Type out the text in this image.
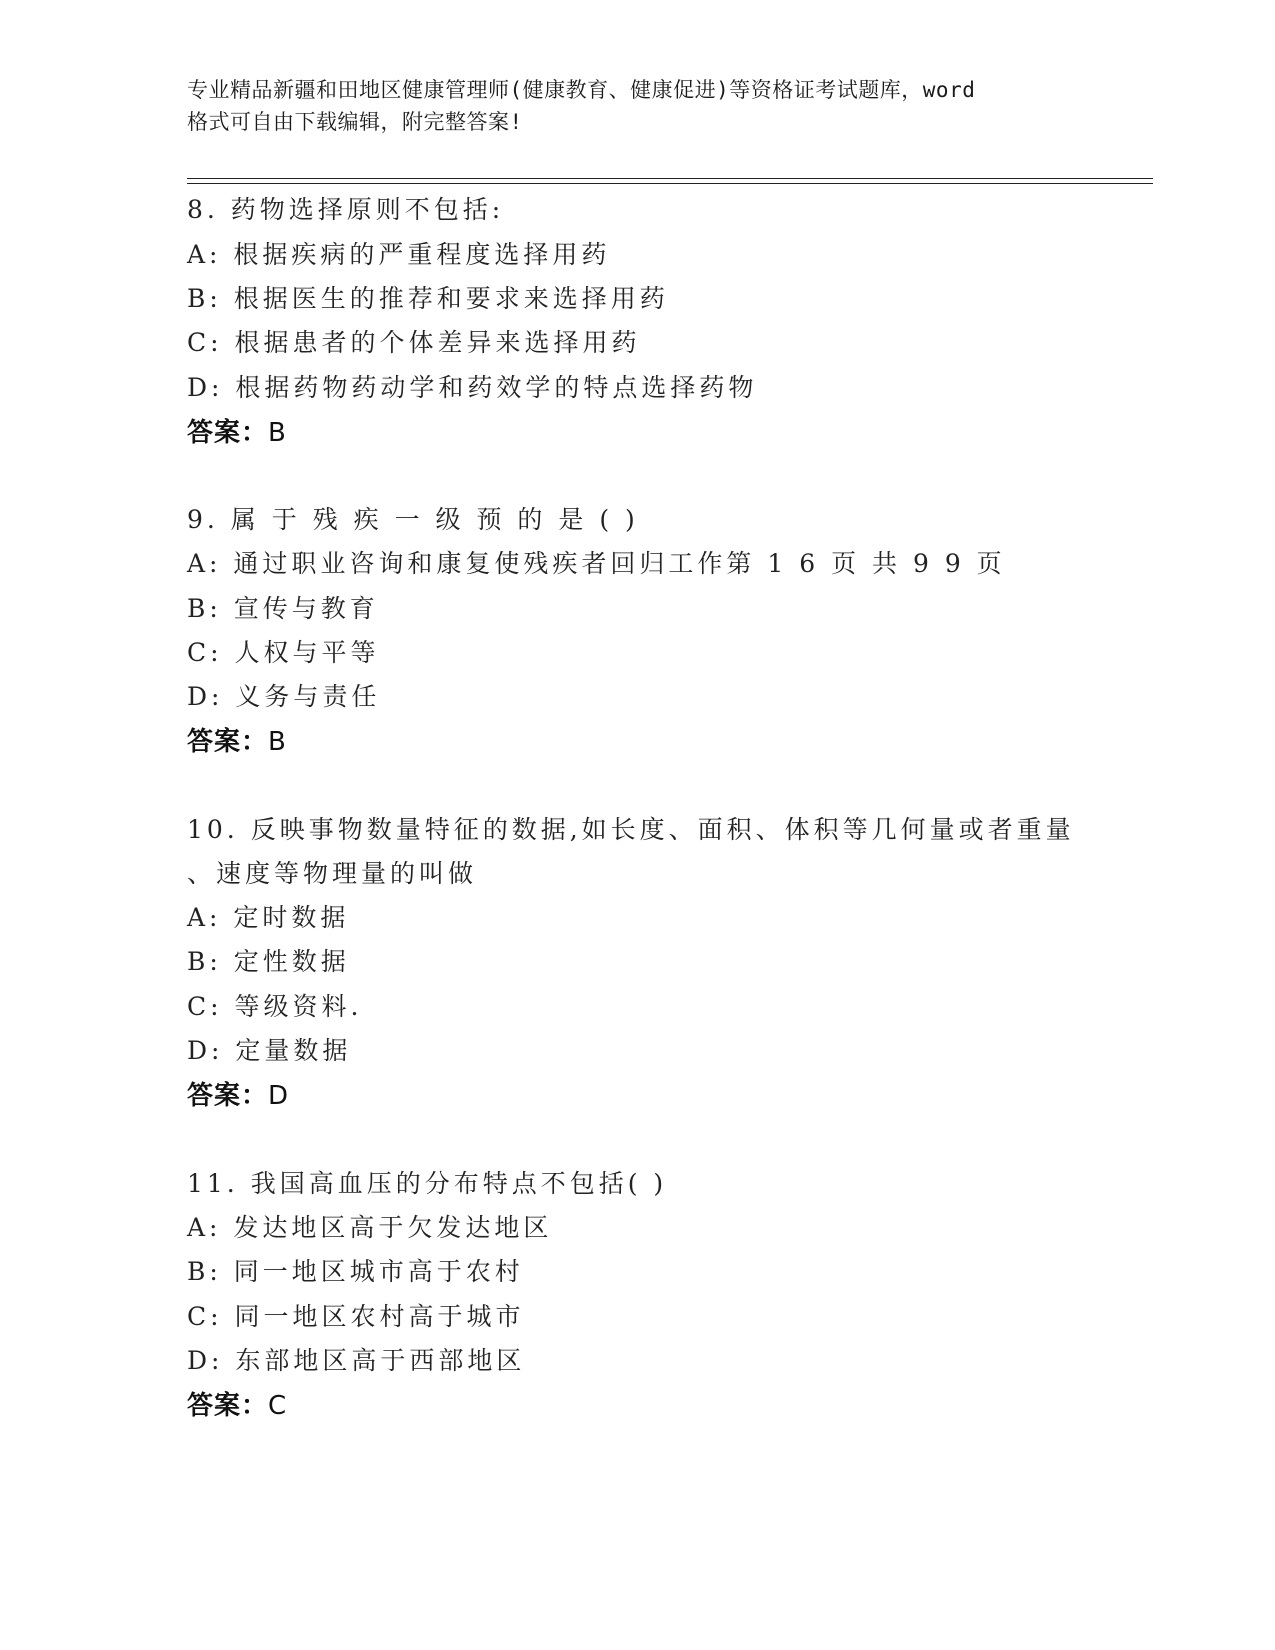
专业精品新疆和田地区健康管理师(健康教育、健康促进)等资格证考试题库，word
格式可自由下载编辑，附完整答案!
8. 药物选择原则不包括:
A: 根据疾病的严重程度选择用药
B: 根据医生的推荐和要求来选择用药
C: 根据患者的个体差异来选择用药
D: 根据药物药动学和药效学的特点选择药物
答案：B
9. 属 于 残 疾 一 级 预 的 是 ( )
A: 通过职业咨询和康复使残疾者回归工作第 1 6 页 共 9 9 页
B: 宣传与教育
C: 人权与平等
D: 义务与责任
答案：B
10. 反映事物数量特征的数据,如长度、面积、体积等几何量或者重量
、速度等物理量的叫做
A: 定时数据
B: 定性数据
C: 等级资料.
D: 定量数据
答案：D
11. 我国高血压的分布特点不包括( )
A: 发达地区高于欠发达地区
B: 同一地区城市高于农村
C: 同一地区农村高于城市
D: 东部地区高于西部地区
答案：C
